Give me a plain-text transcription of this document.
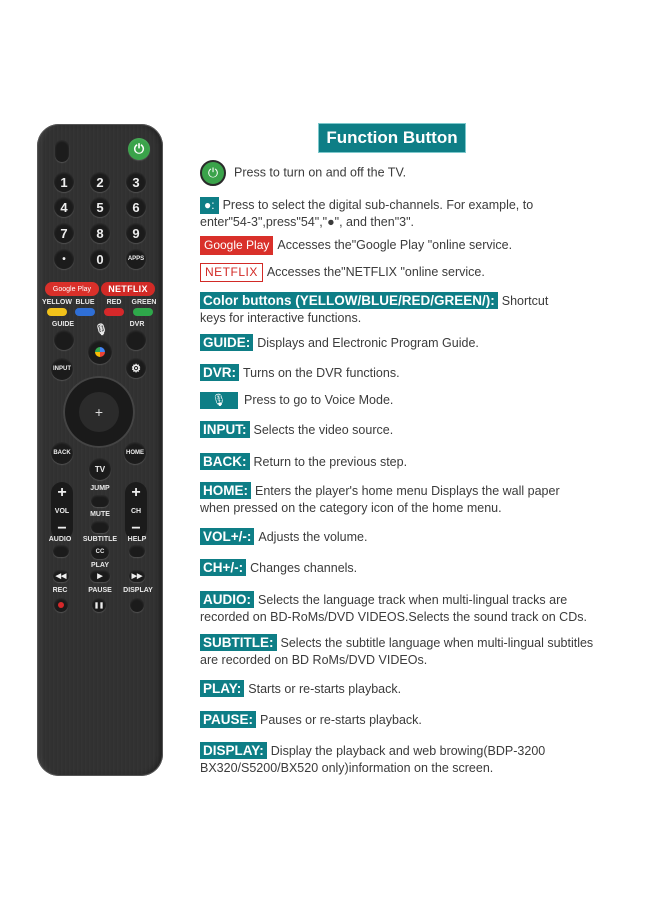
⏻
1	2	3
4	5	6
7	8	9
•	0	APPS
Google Play	NETFLIX
YELLOW BLUE	RED	GREEN
GUIDE	DVR
🎙
INPUT	⚙
+
BACK	HOME
TV
+
VOL
−
+
CH
−
JUMP
MUTE
AUDIO	SUBTITLE	HELP
CC
PLAY
◀◀	▶	▶▶
REC	PAUSE	DISPLAY
❚❚
Function Button
⏻ Press to turn on and off the TV.
●: Press to select the digital sub-channels. For example, to
enter"54-3",press"54","●", and then"3".
Google Play Accesses the"Google Play "online service.
NETFLIX Accesses the"NETFLIX "online service.
Color buttons (YELLOW/BLUE/RED/GREEN/): Shortcut
keys for interactive functions.
GUIDE: Displays and Electronic Program Guide.
DVR: Turns on the DVR functions.
🎙 Press to go to Voice Mode.
INPUT: Selects the video source.
BACK: Return to the previous step.
HOME: Enters the player's home menu Displays the wall paper
when pressed on the category icon of the home menu.
VOL+/-: Adjusts the volume.
CH+/-: Changes channels.
AUDIO: Selects the language track when multi-lingual tracks are
recorded on BD-RoMs/DVD VIDEOS.Selects the sound track on CDs.
SUBTITLE: Selects the subtitle language when multi-lingual subtitles
are recorded on BD RoMs/DVD VIDEOs.
PLAY: Starts or re-starts playback.
PAUSE: Pauses or re-starts playback.
DISPLAY: Display the playback and web browing(BDP-3200
BX320/S5200/BX520 only)information on the screen.
